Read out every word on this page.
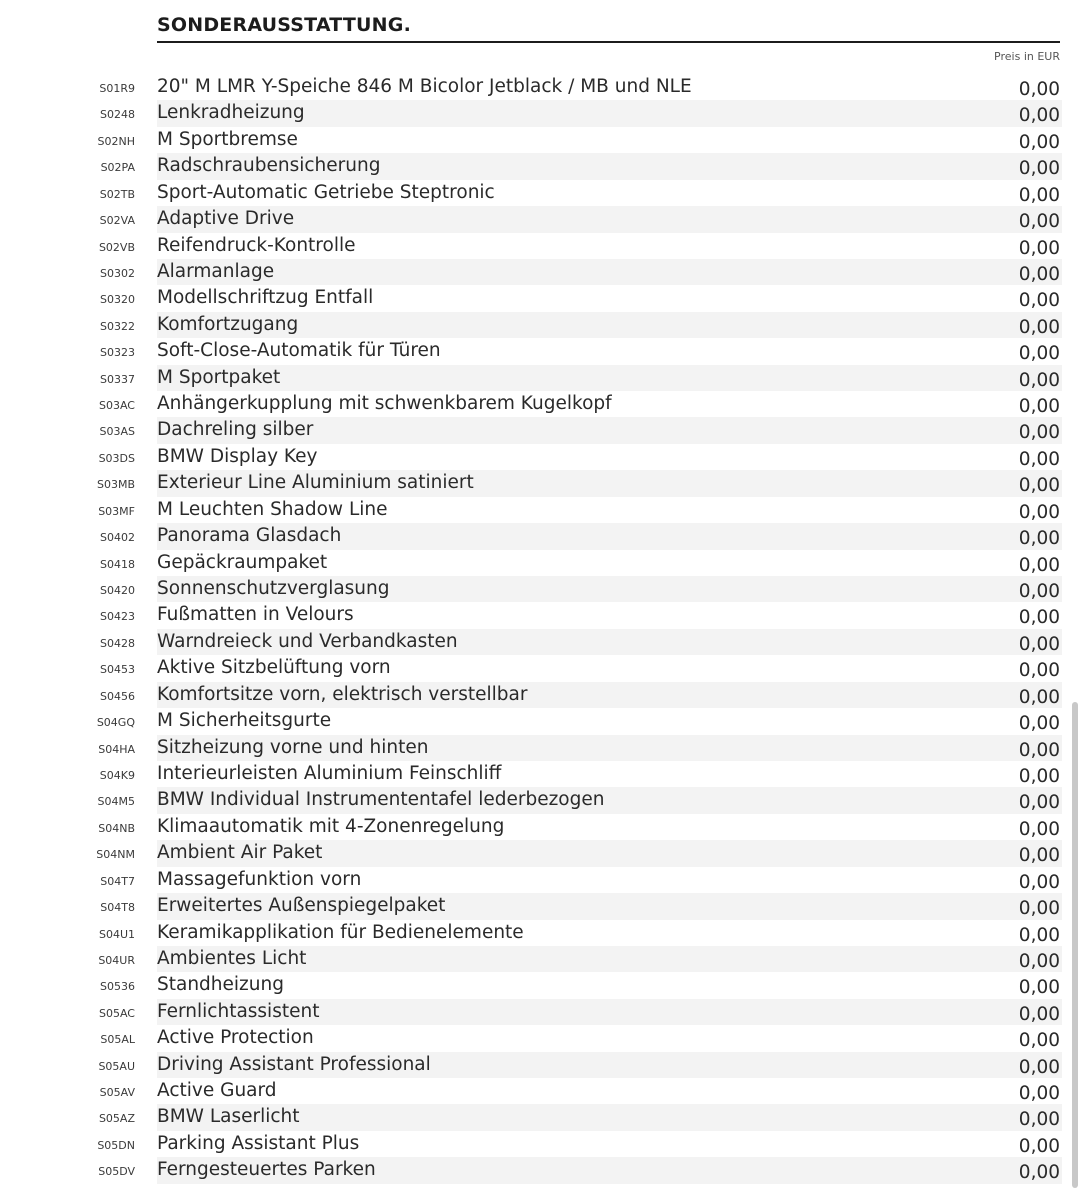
SONDERAUSSTATTUNG.
Preis in EUR
S01R9 20" M LMR Y-Speiche 846 M Bicolor Jetblack / MB und NLE	0,00
S0248 Lenkradheizung	0,00
S02NH M Sportbremse	0,00
S02PA Radschraubensicherung	0,00
S02TB Sport-Automatic Getriebe Steptronic	0,00
S02VA Adaptive Drive	0,00
S02VB Reifendruck-Kontrolle	0,00
S0302 Alarmanlage	0,00
S0320 Modellschriftzug Entfall	0,00
S0322 Komfortzugang	0,00
S0323 Soft-Close-Automatik für Türen	0,00
S0337 M Sportpaket	0,00
S03AC Anhängerkupplung mit schwenkbarem Kugelkopf	0,00
S03AS Dachreling silber	0,00
S03DS BMW Display Key	0,00
S03MB Exterieur Line Aluminium satiniert	0,00
S03MF M Leuchten Shadow Line	0,00
S0402 Panorama Glasdach	0,00
S0418 Gepäckraumpaket	0,00
S0420 Sonnenschutzverglasung	0,00
S0423 Fußmatten in Velours	0,00
S0428 Warndreieck und Verbandkasten	0,00
S0453 Aktive Sitzbelüftung vorn	0,00
S0456 Komfortsitze vorn, elektrisch verstellbar	0,00
S04GQ M Sicherheitsgurte	0,00
S04HA Sitzheizung vorne und hinten	0,00
S04K9 Interieurleisten Aluminium Feinschliff	0,00
S04M5 BMW Individual Instrumententafel lederbezogen	0,00
S04NB Klimaautomatik mit 4-Zonenregelung	0,00
S04NM Ambient Air Paket	0,00
S04T7 Massagefunktion vorn	0,00
S04T8 Erweitertes Außenspiegelpaket	0,00
S04U1 Keramikapplikation für Bedienelemente	0,00
S04UR Ambientes Licht	0,00
S0536 Standheizung	0,00
S05AC Fernlichtassistent	0,00
S05AL Active Protection	0,00
S05AU Driving Assistant Professional	0,00
S05AV Active Guard	0,00
S05AZ BMW Laserlicht	0,00
S05DN Parking Assistant Plus	0,00
S05DV Ferngesteuertes Parken	0,00
